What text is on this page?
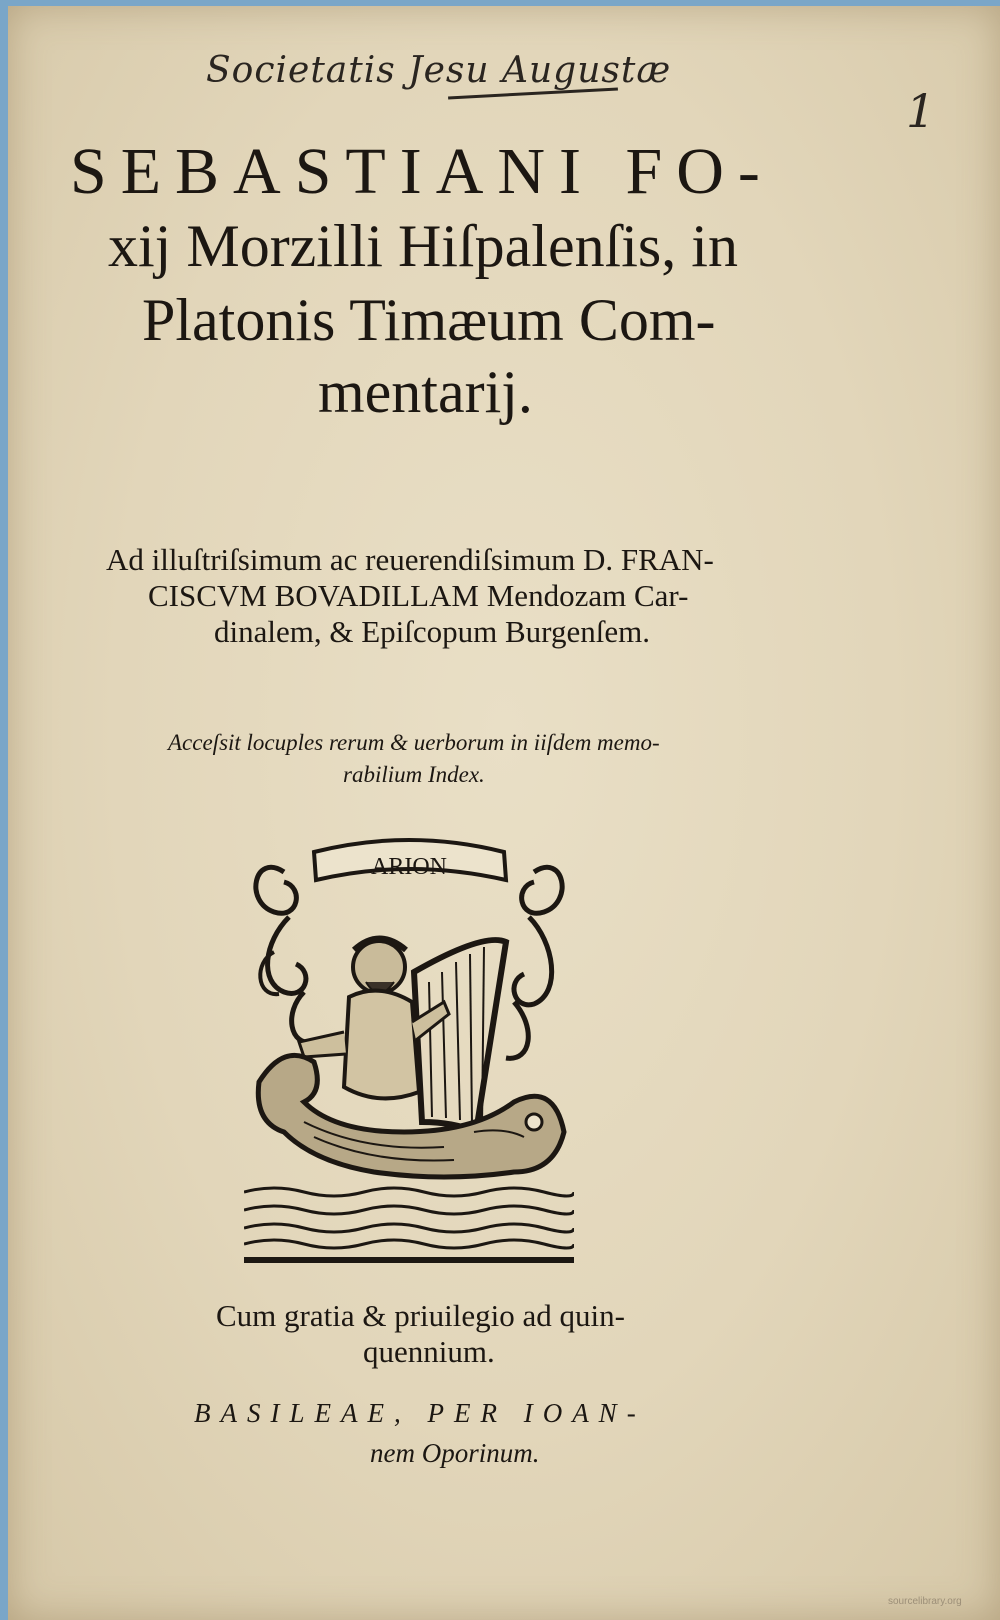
Societatis Jesu Augustæ
1
SEBASTIANI FO-
xij Morzilli Hiſpalenſis, in
Platonis Timæum Com-
mentarij.
Ad illuſtriſsimum ac reuerendiſsimum D. FRAN-
CISCVM BOVADILLAM Mendozam Car-
dinalem, & Epiſcopum Burgenſem.
Acceſsit locuples rerum & uerborum in iiſdem memo-
rabilium Index.
ARION
Cum gratia & priuilegio ad quin-
quennium.
BASILEAE, PER IOAN-
nem Oporinum.
sourcelibrary.org
